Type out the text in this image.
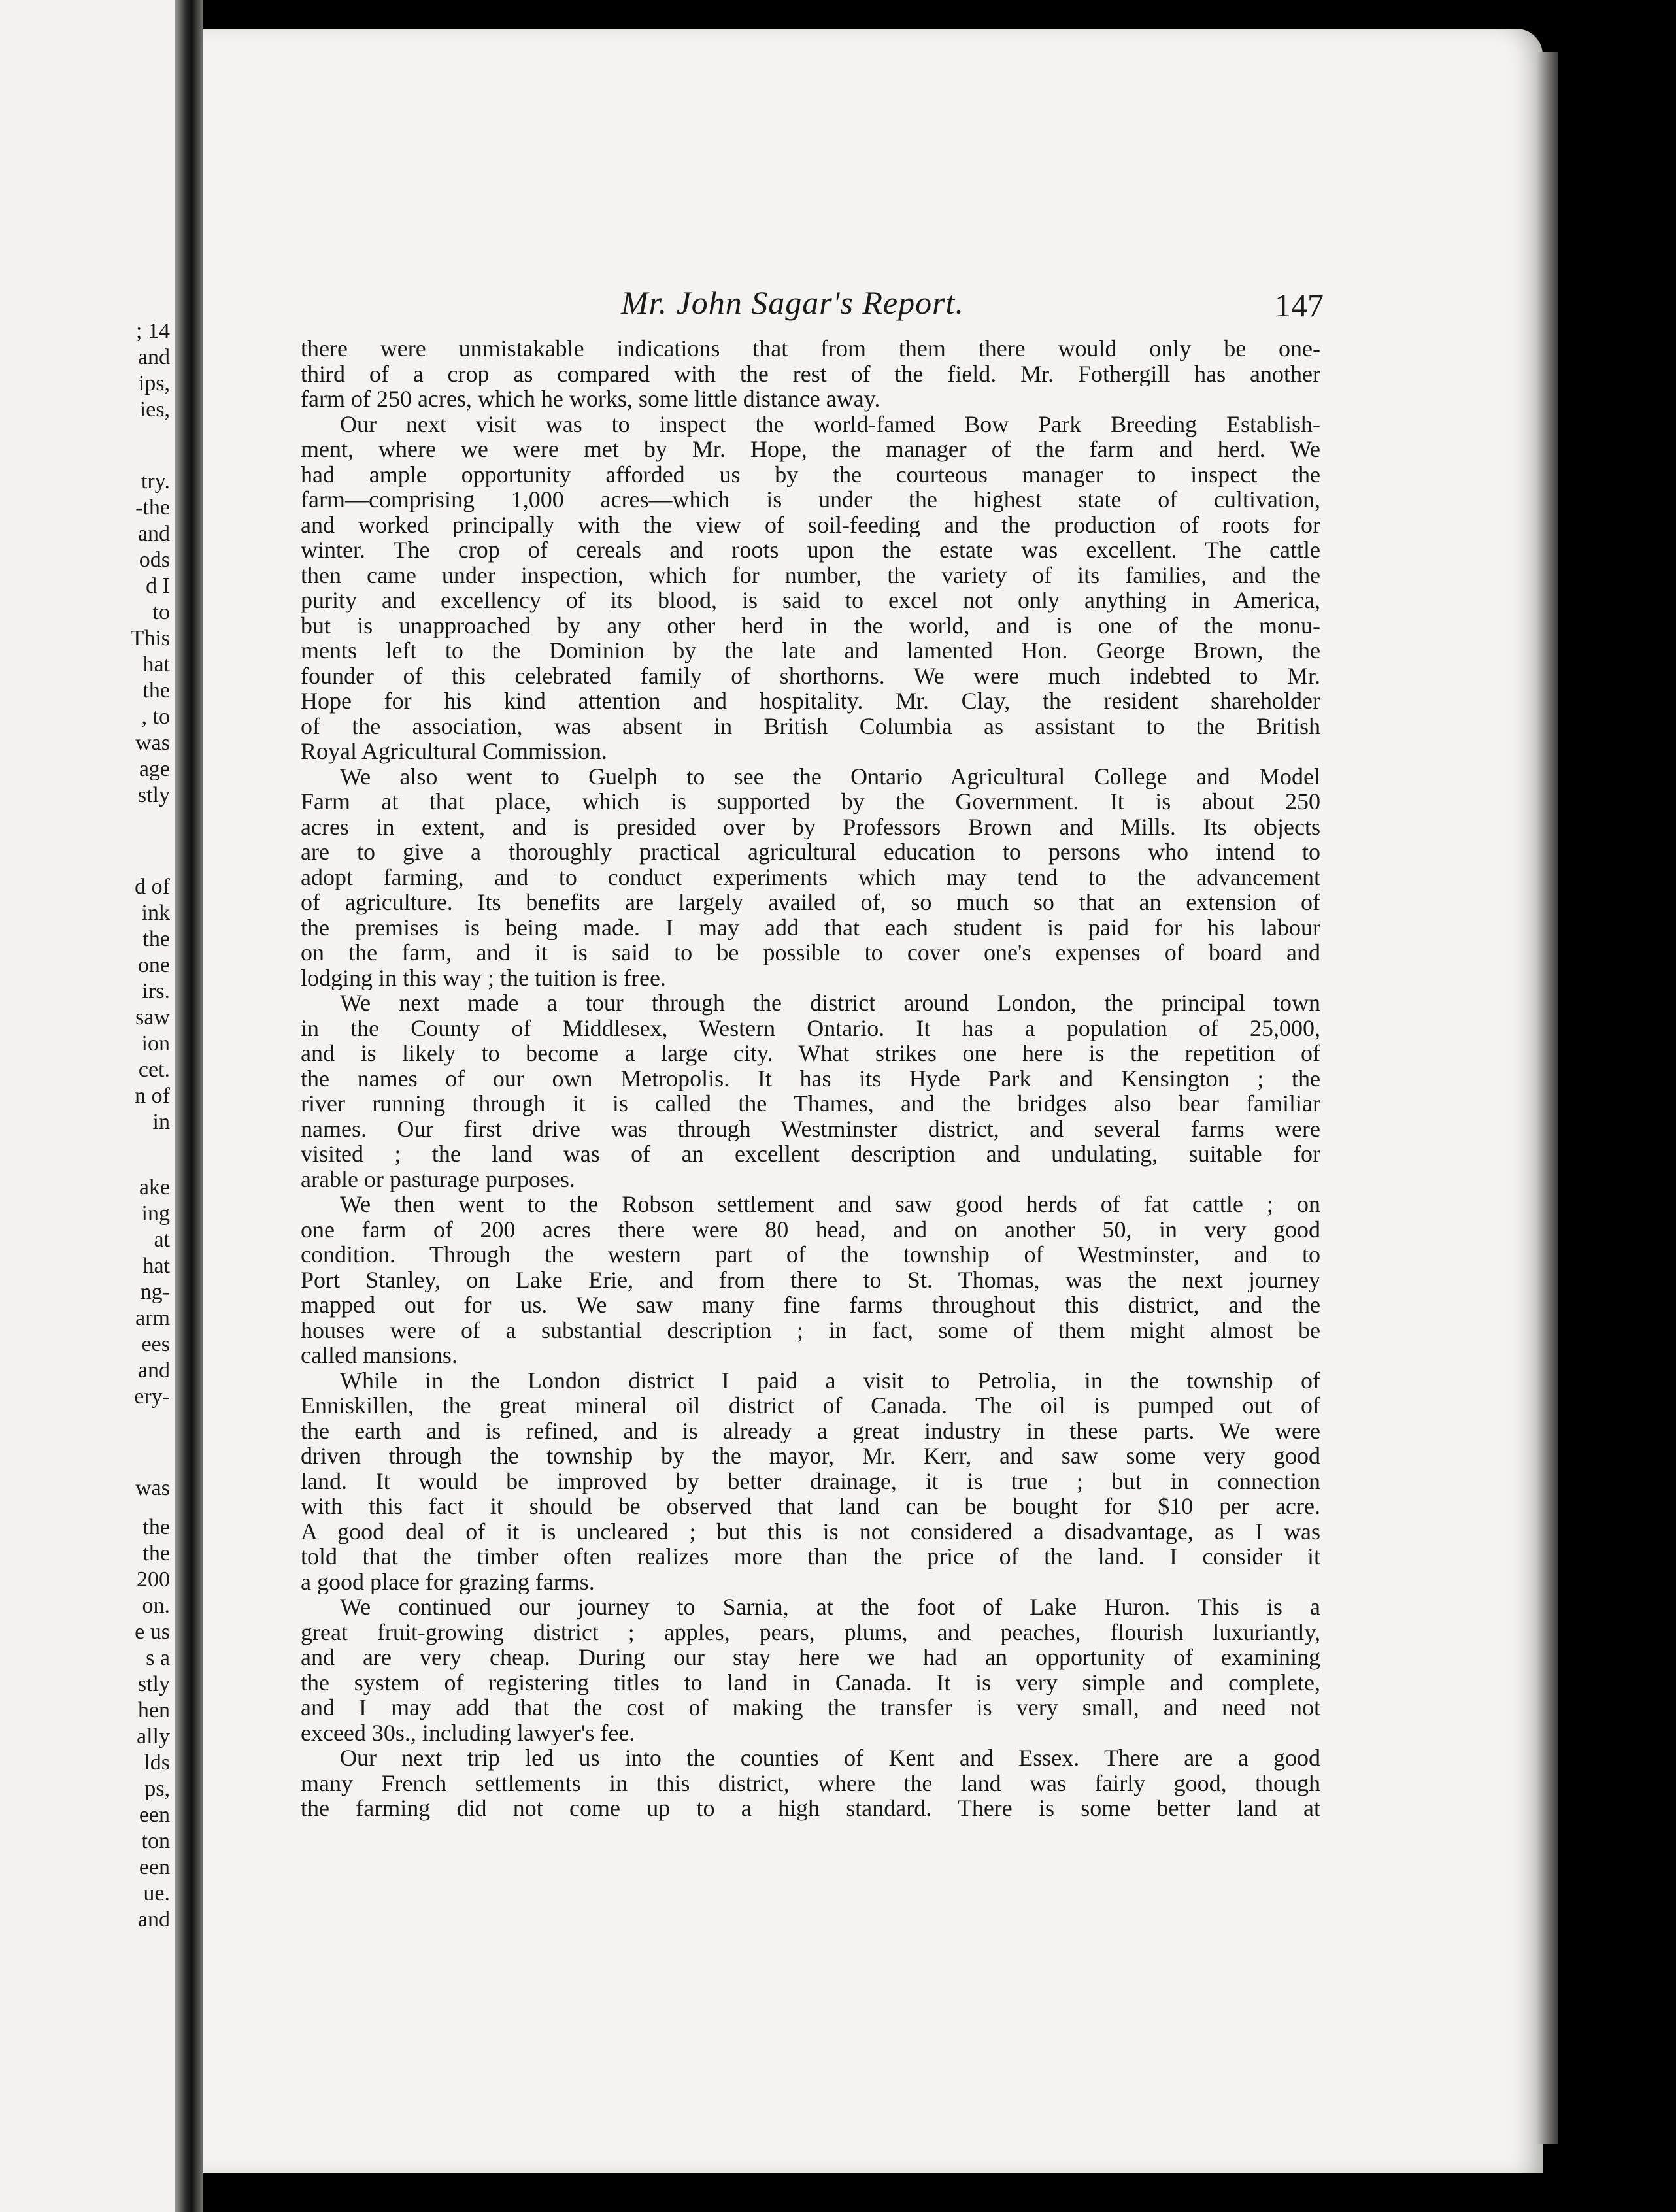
; 14
and
ips,
ies,
try.
-the
and
ods
d I
to
This
hat
the
, to
was
age
stly
d of
ink
the
one
irs.
saw
ion
cet.
n of
in
ake
ing
at
hat
ng-
arm
ees
and
ery-
was
the
the
200
on.
e us
s a
stly
hen
ally
lds
ps,
een
ton
een
ue.
and
Mr. John Sagar's Report.	147
there were unmistakable indications that from them there would only be one-
third of a crop as compared with the rest of the field. Mr. Fothergill has another
farm of 250 acres, which he works, some little distance away.
Our next visit was to inspect the world-famed Bow Park Breeding Establish-
ment, where we were met by Mr. Hope, the manager of the farm and herd. We
had ample opportunity afforded us by the courteous manager to inspect the
farm—comprising 1,000 acres—which is under the highest state of cultivation,
and worked principally with the view of soil-feeding and the production of roots for
winter. The crop of cereals and roots upon the estate was excellent. The cattle
then came under inspection, which for number, the variety of its families, and the
purity and excellency of its blood, is said to excel not only anything in America,
but is unapproached by any other herd in the world, and is one of the monu-
ments left to the Dominion by the late and lamented Hon. George Brown, the
founder of this celebrated family of shorthorns. We were much indebted to Mr.
Hope for his kind attention and hospitality. Mr. Clay, the resident shareholder
of the association, was absent in British Columbia as assistant to the British
Royal Agricultural Commission.
We also went to Guelph to see the Ontario Agricultural College and Model
Farm at that place, which is supported by the Government. It is about 250
acres in extent, and is presided over by Professors Brown and Mills. Its objects
are to give a thoroughly practical agricultural education to persons who intend to
adopt farming, and to conduct experiments which may tend to the advancement
of agriculture. Its benefits are largely availed of, so much so that an extension of
the premises is being made. I may add that each student is paid for his labour
on the farm, and it is said to be possible to cover one's expenses of board and
lodging in this way ; the tuition is free.
We next made a tour through the district around London, the principal town
in the County of Middlesex, Western Ontario. It has a population of 25,000,
and is likely to become a large city. What strikes one here is the repetition of
the names of our own Metropolis. It has its Hyde Park and Kensington ; the
river running through it is called the Thames, and the bridges also bear familiar
names. Our first drive was through Westminster district, and several farms were
visited ; the land was of an excellent description and undulating, suitable for
arable or pasturage purposes.
We then went to the Robson settlement and saw good herds of fat cattle ; on
one farm of 200 acres there were 80 head, and on another 50, in very good
condition. Through the western part of the township of Westminster, and to
Port Stanley, on Lake Erie, and from there to St. Thomas, was the next journey
mapped out for us. We saw many fine farms throughout this district, and the
houses were of a substantial description ; in fact, some of them might almost be
called mansions.
While in the London district I paid a visit to Petrolia, in the township of
Enniskillen, the great mineral oil district of Canada. The oil is pumped out of
the earth and is refined, and is already a great industry in these parts. We were
driven through the township by the mayor, Mr. Kerr, and saw some very good
land. It would be improved by better drainage, it is true ; but in connection
with this fact it should be observed that land can be bought for $10 per acre.
A good deal of it is uncleared ; but this is not considered a disadvantage, as I was
told that the timber often realizes more than the price of the land. I consider it
a good place for grazing farms.
We continued our journey to Sarnia, at the foot of Lake Huron. This is a
great fruit-growing district ; apples, pears, plums, and peaches, flourish luxuriantly,
and are very cheap. During our stay here we had an opportunity of examining
the system of registering titles to land in Canada. It is very simple and complete,
and I may add that the cost of making the transfer is very small, and need not
exceed 30s., including lawyer's fee.
Our next trip led us into the counties of Kent and Essex. There are a good
many French settlements in this district, where the land was fairly good, though
the farming did not come up to a high standard. There is some better land at
